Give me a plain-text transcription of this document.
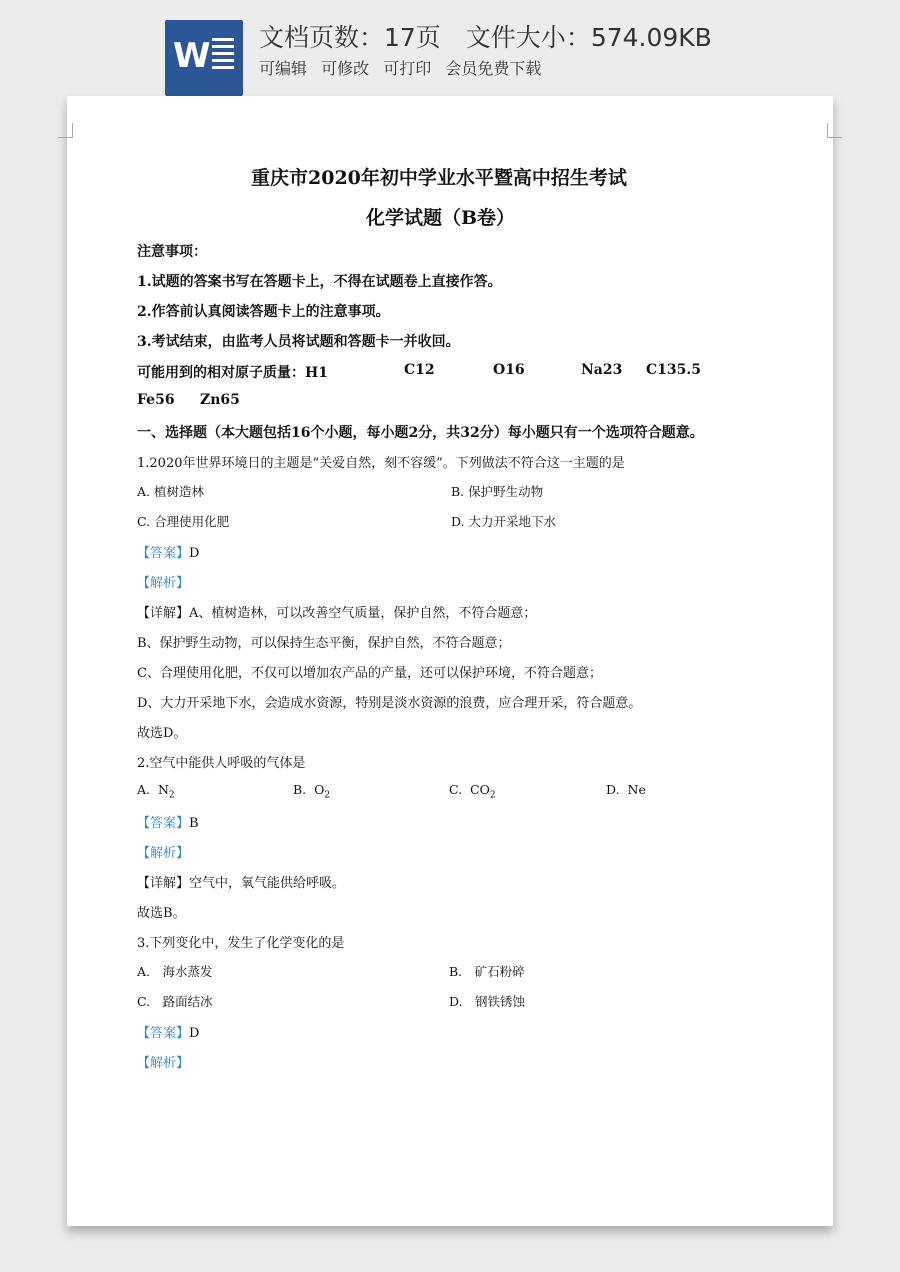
W 文档页数：17页　文件大小：574.09KB
可编辑 可修改 可打印 会员免费下载
重庆市2020年初中学业水平暨高中招生考试
化学试题（B卷）
注意事项：
1.试题的答案书写在答题卡上，不得在试题卷上直接作答。
2.作答前认真阅读答题卡上的注意事项。
3.考试结束，由监考人员将试题和答题卡一并收回。
可能用到的相对原子质量：H1	C12	O16	Na23 C135.5
Fe56 Zn65
一、选择题（本大题包括16个小题，每小题2分，共32分）每小题只有一个选项符合题意。
1.2020年世界环境日的主题是“关爱自然，刻不容缓”。下列做法不符合这一主题的是
A. 植树造林	B. 保护野生动物
C. 合理使用化肥	D. 大力开采地下水
【答案】D
【解析】
【详解】A、植树造林，可以改善空气质量，保护自然，不符合题意；
B、保护野生动物，可以保持生态平衡，保护自然，不符合题意；
C、合理使用化肥，不仅可以增加农产品的产量，还可以保护环境，不符合题意；
D、大力开采地下水，会造成水资源，特别是淡水资源的浪费，应合理开采，符合题意。
故选D。
2.空气中能供人呼吸的气体是
A. $N_2$	B. $O_2$	C. $CO_2$	D. Ne
【答案】B
【解析】
【详解】空气中，氧气能供给呼吸。
故选B。
3.下列变化中，发生了化学变化的是
A.　海水蒸发	B.　矿石粉碎
C.　路面结冰	D.　钢铁锈蚀
【答案】D
【解析】
